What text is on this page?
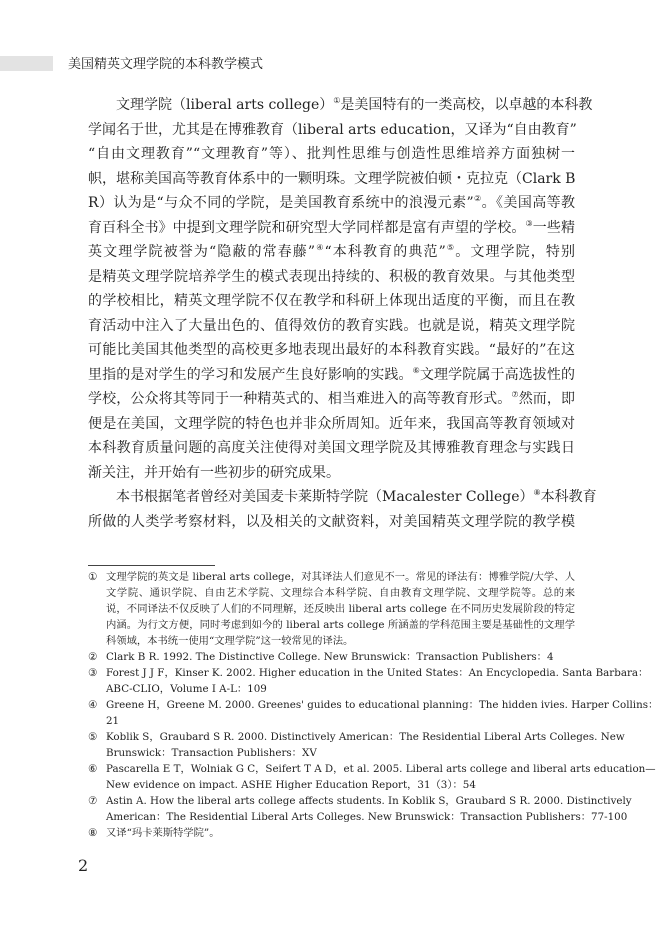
美国精英文理学院的本科教学模式
文理学院（liberal arts college）①是美国特有的一类高校，以卓越的本科教
学闻名于世，尤其是在博雅教育（liberal arts education，又译为“自由教育”
“自由文理教育”“文理教育”等）、批判性思维与创造性思维培养方面独树一
帜，堪称美国高等教育体系中的一颗明珠。文理学院被伯顿・克拉克（Clark B
R）认为是“与众不同的学院，是美国教育系统中的浪漫元素”②。《美国高等教
育百科全书》中提到文理学院和研究型大学同样都是富有声望的学校。③一些精
英文理学院被誉为“隐蔽的常春藤”④“本科教育的典范”⑤。文理学院，特别
是精英文理学院培养学生的模式表现出持续的、积极的教育效果。与其他类型
的学校相比，精英文理学院不仅在教学和科研上体现出适度的平衡，而且在教
育活动中注入了大量出色的、值得效仿的教育实践。也就是说，精英文理学院
可能比美国其他类型的高校更多地表现出最好的本科教育实践。“最好的”在这
里指的是对学生的学习和发展产生良好影响的实践。⑥文理学院属于高选拔性的
学校，公众将其等同于一种精英式的、相当难进入的高等教育形式。⑦然而，即
便是在美国，文理学院的特色也并非众所周知。近年来，我国高等教育领域对
本科教育质量问题的高度关注使得对美国文理学院及其博雅教育理念与实践日
渐关注，并开始有一些初步的研究成果。
本书根据笔者曾经对美国麦卡莱斯特学院（Macalester College）⑧本科教育
所做的人类学考察材料，以及相关的文献资料，对美国精英文理学院的教学模
① 文理学院的英文是 liberal arts college，对其译法人们意见不一。常见的译法有：博雅学院/大学、人
文学院、通识学院、自由艺术学院、文理综合本科学院、自由教育文理学院、文理学院等。总的来
说，不同译法不仅反映了人们的不同理解，还反映出 liberal arts college 在不同历史发展阶段的特定
内涵。为行文方便，同时考虑到如今的 liberal arts college 所涵盖的学科范围主要是基础性的文理学
科领域，本书统一使用“文理学院”这一较常见的译法。
② Clark B R. 1992. The Distinctive College. New Brunswick：Transaction Publishers：4
③ Forest J J F，Kinser K. 2002. Higher education in the United States：An Encyclopedia. Santa Barbara：
ABC-CLIO，Volume Ⅰ A-L：109
④ Greene H，Greene M. 2000. Greenes' guides to educational planning：The hidden ivies. Harper Collins：
21
⑤ Koblik S，Graubard S R. 2000. Distinctively American：The Residential Liberal Arts Colleges. New
Brunswick：Transaction Publishers：XV
⑥ Pascarella E T，Wolniak G C，Seifert T A D，et al. 2005. Liberal arts college and liberal arts education—
New evidence on impact. ASHE Higher Education Report，31（3）：54
⑦ Astin A. How the liberal arts college affects students. In Koblik S，Graubard S R. 2000. Distinctively
American：The Residential Liberal Arts Colleges. New Brunswick：Transaction Publishers：77-100
⑧ 又译“玛卡莱斯特学院”。
2
